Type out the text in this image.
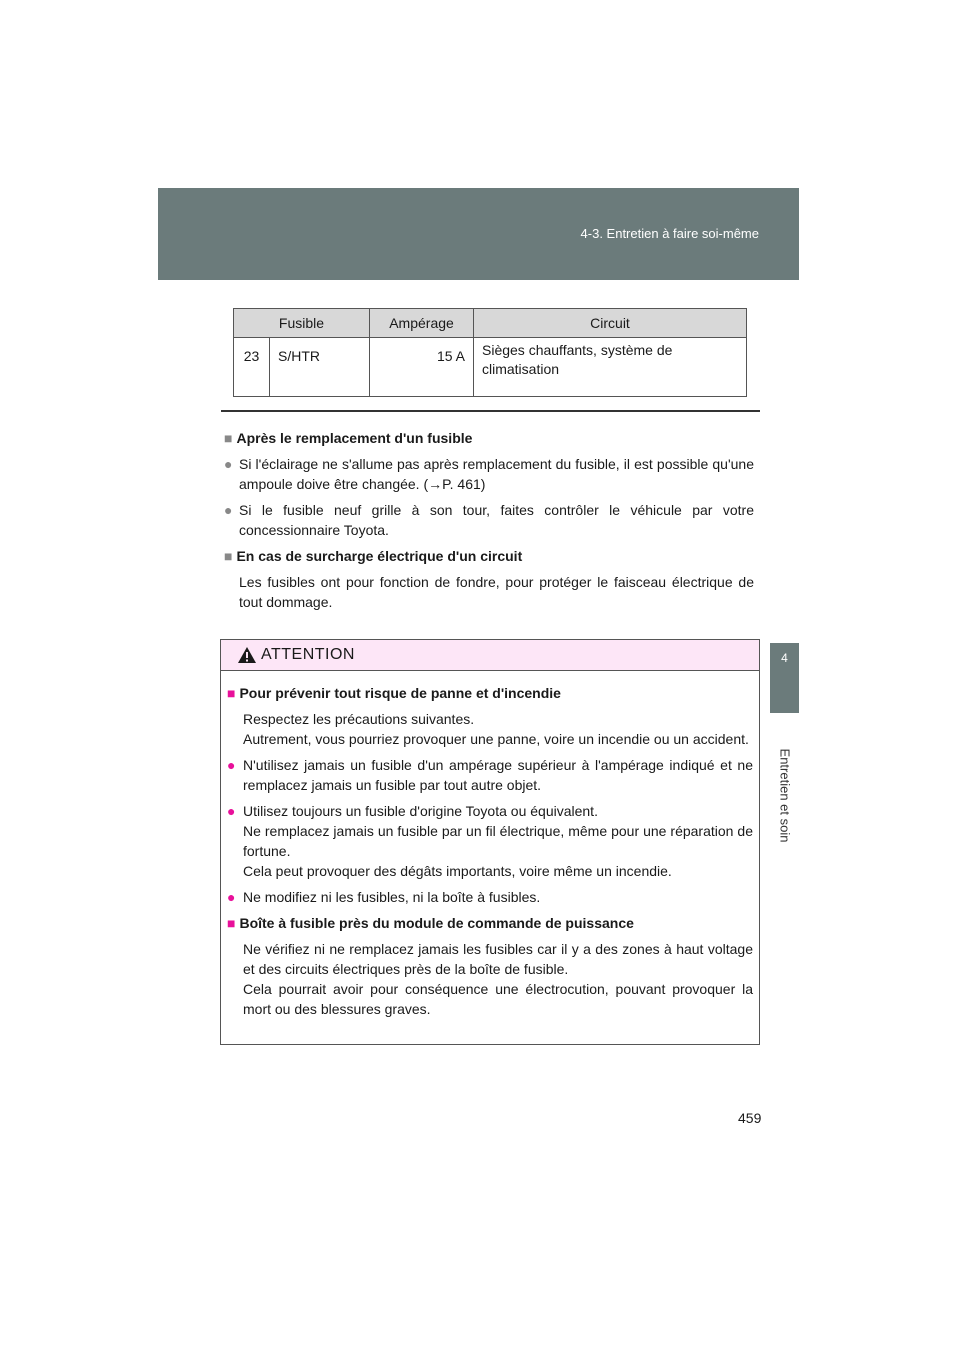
4-3. Entretien à faire soi-même
4
Entretien et soin
Fusible		Ampérage	Circuit
23	S/HTR	15 A	Sièges chauffants, système de climatisation
■ Après le remplacement d'un fusible
● Si l'éclairage ne s'allume pas après remplacement du fusible, il est possible qu'une ampoule doive être changée. (→P. 461)
● Si le fusible neuf grille à son tour, faites contrôler le véhicule par votre concessionnaire Toyota.
■ En cas de surcharge électrique d'un circuit
Les fusibles ont pour fonction de fondre, pour protéger le faisceau électrique de tout dommage.
ATTENTION
■ Pour prévenir tout risque de panne et d'incendie
Respectez les précautions suivantes.
Autrement, vous pourriez provoquer une panne, voire un incendie ou un accident.
● N'utilisez jamais un fusible d'un ampérage supérieur à l'ampérage indiqué et ne remplacez jamais un fusible par tout autre objet.
● Utilisez toujours un fusible d'origine Toyota ou équivalent.
Ne remplacez jamais un fusible par un fil électrique, même pour une réparation de fortune.
Cela peut provoquer des dégâts importants, voire même un incendie.
● Ne modifiez ni les fusibles, ni la boîte à fusibles.
■ Boîte à fusible près du module de commande de puissance
Ne vérifiez ni ne remplacez jamais les fusibles car il y a des zones à haut voltage et des circuits électriques près de la boîte de fusible.
Cela pourrait avoir pour conséquence une électrocution, pouvant provoquer la mort ou des blessures graves.
459
